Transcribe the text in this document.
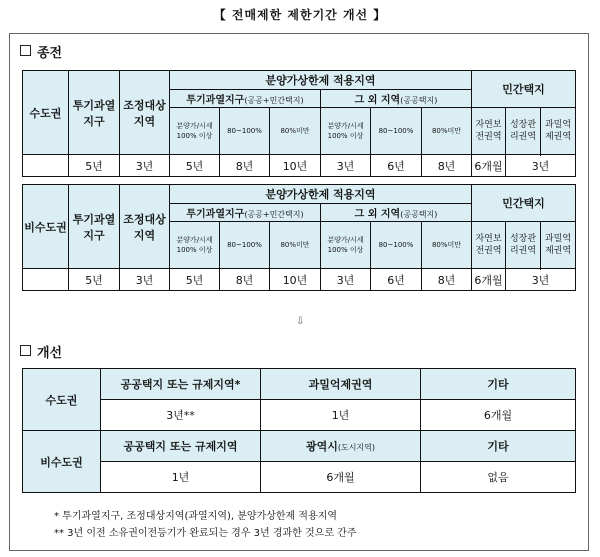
【 전매제한 제한기간 개선 】
종전
수도권	투기과열지구	조정대상지역	분양가상한제 적용지역						민간택지		
			투기과열지구(공공+민간택지)			그 외 지역(공공택지)					
			분양가/시세 100% 이상	80~100%	80%미만	분양가/시세 100% 이상	80~100%	80%미만	자연보전권역	성장관리권역	과밀억제권역

	5년	3년	5년	8년	10년	3년	6년	8년	6개월	3년	
비수도권	투기과열지구	조정대상지역	분양가상한제 적용지역						민간택지		
			투기과열지구(공공+민간택지)			그 외 지역(공공택지)					
			분양가/시세 100% 이상	80~100%	80%미만	분양가/시세 100% 이상	80~100%	80%미만	자연보전권역	성장관리권역	과밀억제권역

	5년	3년	5년	8년	10년	3년	6년	8년	6개월	3년	
⇩
개선
수도권	공공택지 또는 규제지역*	과밀억제권역	기타
	3년**	1년	6개월
비수도권	공공택지 또는 규제지역	광역시(도시지역)	기타
	1년	6개월	없음
* 투기과열지구, 조정대상지역(과열지역), 분양가상한제 적용지역
** 3년 이전 소유권이전등기가 완료되는 경우 3년 경과한 것으로 간주
